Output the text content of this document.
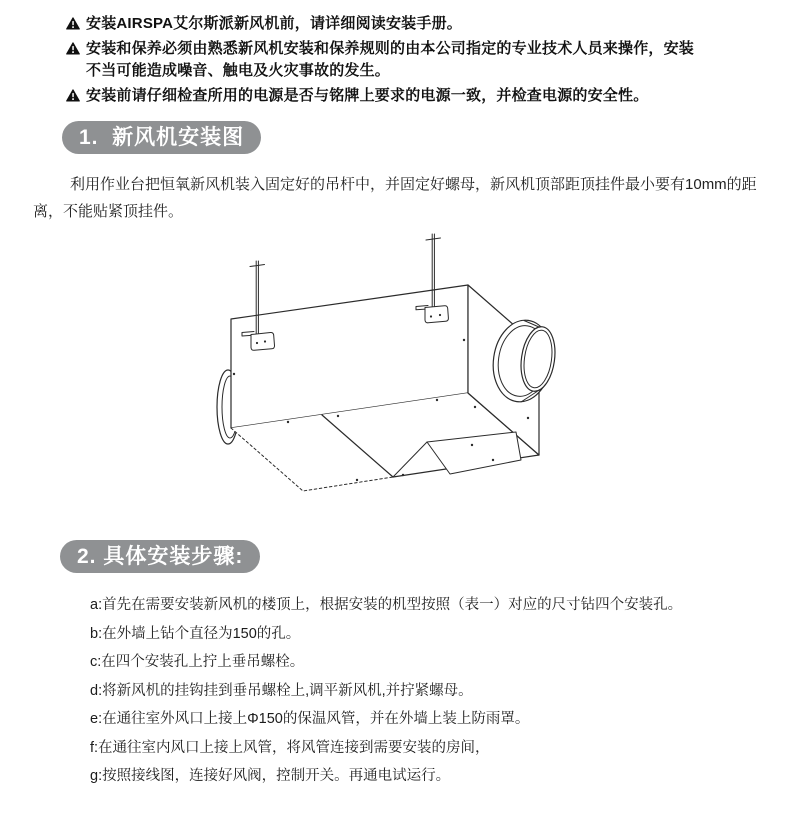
安装AIRSPA艾尔斯派新风机前，请详细阅读安装手册。
安装和保养必须由熟悉新风机安装和保养规则的由本公司指定的专业技术人员来操作，安装不当可能造成噪音、触电及火灾事故的发生。
安装前请仔细检查所用的电源是否与铭牌上要求的电源一致，并检查电源的安全性。
1.  新风机安装图
利用作业台把恒氧新风机装入固定好的吊杆中，并固定好螺母，新风机顶部距顶挂件最小要有10mm的距离，不能贴紧顶挂件。
2. 具体安装步骤:

a:首先在需要安装新风机的楼顶上，根据安装的机型按照（表一）对应的尺寸钻四个安装孔。

b:在外墙上钻个直径为150的孔。

c:在四个安装孔上拧上垂吊螺栓。

d:将新风机的挂钩挂到垂吊螺栓上,调平新风机,并拧紧螺母。

e:在通往室外风口上接上Φ150的保温风管，并在外墙上装上防雨罩。

f:在通往室内风口上接上风管，将风管连接到需要安装的房间，

g:按照接线图，连接好风阀，控制开关。再通电试运行。
